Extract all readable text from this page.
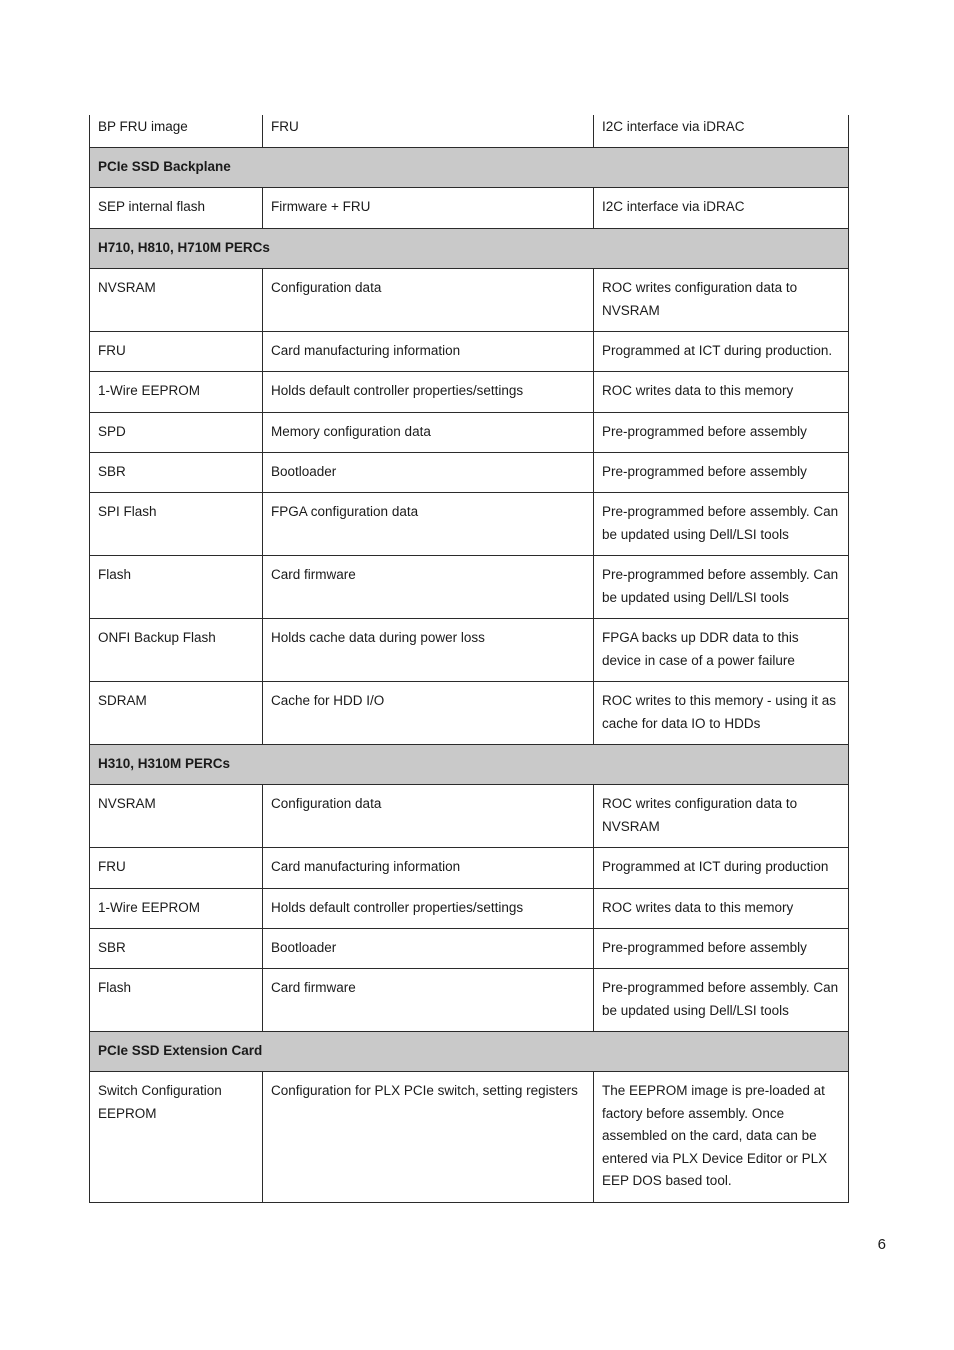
BP FRU image	FRU	I2C interface via iDRAC
PCIe SSD Backplane		
SEP internal flash	Firmware + FRU	I2C interface via iDRAC
H710, H810, H710M PERCs		
NVSRAM	Configuration data	ROC writes configuration data to NVSRAM
FRU	Card manufacturing information	Programmed at ICT during production.
1-Wire EEPROM	Holds default controller properties/settings	ROC writes data to this memory
SPD	Memory configuration data	Pre-programmed before assembly
SBR	Bootloader	Pre-programmed before assembly
SPI Flash	FPGA configuration data	Pre-programmed before assembly. Can be updated using Dell/LSI tools
Flash	Card firmware	Pre-programmed before assembly. Can be updated using Dell/LSI tools
ONFI Backup Flash	Holds cache data during power loss	FPGA backs up DDR data to this device in case of a power failure
SDRAM	Cache for HDD I/O	ROC writes to this memory - using it as cache for data IO to HDDs
H310, H310M PERCs		
NVSRAM	Configuration data	ROC writes configuration data to NVSRAM
FRU	Card manufacturing information	Programmed at ICT during production
1-Wire EEPROM	Holds default controller properties/settings	ROC writes data to this memory
SBR	Bootloader	Pre-programmed before assembly
Flash	Card firmware	Pre-programmed before assembly. Can be updated using Dell/LSI tools
PCIe SSD Extension Card		
Switch Configuration EEPROM	Configuration for PLX PCIe switch, setting registers	The EEPROM image is pre-loaded at factory before assembly. Once assembled on the card, data can be entered via PLX Device Editor or PLX EEP DOS based tool.
6
